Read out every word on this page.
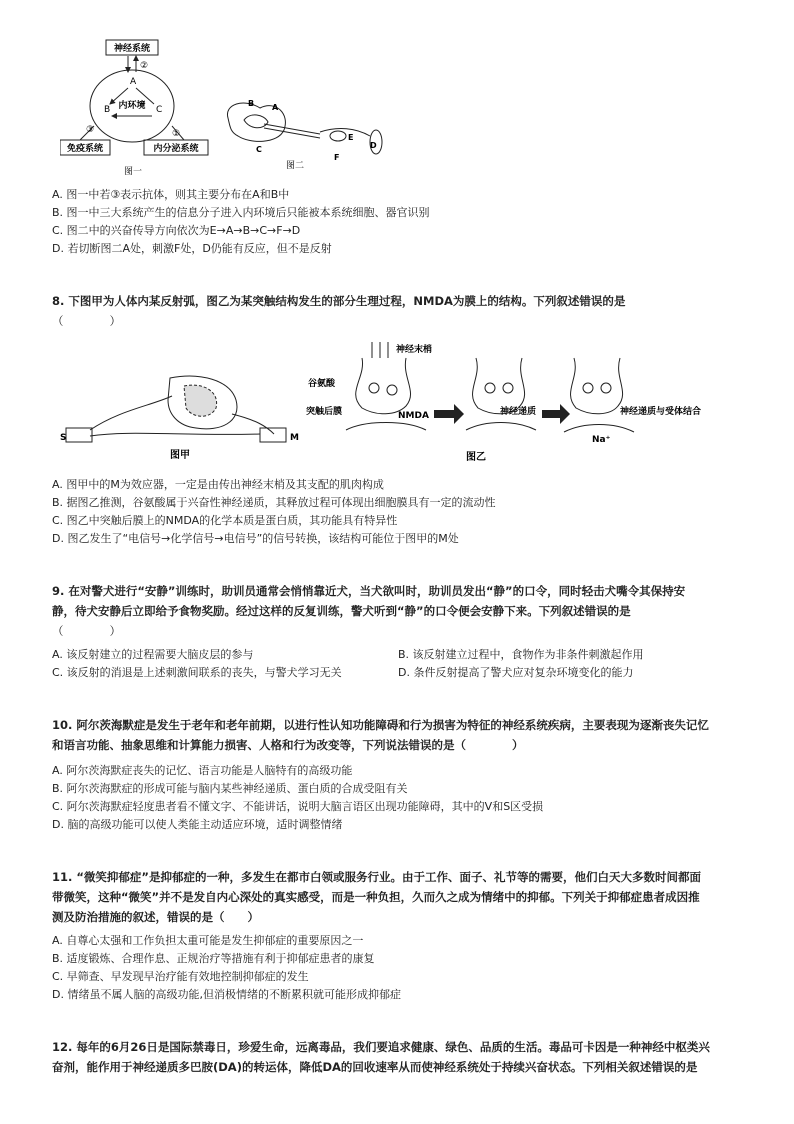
神经系统
②
A
B	C
内环境
免疫系统	内分泌系统
③	①
图一
A
B
C	D
E
F
图二
A. 图一中若③表示抗体，则其主要分布在A和B中
B. 图一中三大系统产生的信息分子进入内环境后只能被本系统细胞、器官识别
C. 图二中的兴奋传导方向依次为E→A→B→C→F→D
D. 若切断图二A处，刺激F处，D仍能有反应，但不是反射
8. 下图甲为人体内某反射弧，图乙为某突触结构发生的部分生理过程，NMDA为膜上的结构。下列叙述错误的是
（　　　　）
S	M
图甲
神经末梢
谷氨酸
突触后膜	NMDA	神经递质	神经递质与受体结合
Na⁺
图乙
A. 图甲中的M为效应器，一定是由传出神经末梢及其支配的肌肉构成
B. 据图乙推测，谷氨酸属于兴奋性神经递质，其释放过程可体现出细胞膜具有一定的流动性
C. 图乙中突触后膜上的NMDA的化学本质是蛋白质，其功能具有特异性
D. 图乙发生了“电信号→化学信号→电信号”的信号转换，该结构可能位于图甲的M处
9. 在对警犬进行“安静”训练时，助训员通常会悄悄靠近犬，当犬欲叫时，助训员发出“静”的口令，同时轻击犬嘴令其保持安
静，待犬安静后立即给予食物奖励。经过这样的反复训练，警犬听到“静”的口令便会安静下来。下列叙述错误的是
（　　　　）
A. 该反射建立的过程需要大脑皮层的参与	B. 该反射建立过程中，食物作为非条件刺激起作用
C. 该反射的消退是上述刺激间联系的丧失，与警犬学习无关	D. 条件反射提高了警犬应对复杂环境变化的能力
10. 阿尔茨海默症是发生于老年和老年前期，以进行性认知功能障碍和行为损害为特征的神经系统疾病，主要表现为逐渐丧失记忆
和语言功能、抽象思维和计算能力损害、人格和行为改变等，下列说法错误的是（　　　　）
A. 阿尔茨海默症丧失的记忆、语言功能是人脑特有的高级功能
B. 阿尔茨海默症的形成可能与脑内某些神经递质、蛋白质的合成受阻有关
C. 阿尔茨海默症轻度患者看不懂文字、不能讲话，说明大脑言语区出现功能障碍，其中的V和S区受损
D. 脑的高级功能可以使人类能主动适应环境，适时调整情绪
11. “微笑抑郁症”是抑郁症的一种，多发生在都市白领或服务行业。由于工作、面子、礼节等的需要，他们白天大多数时间都面
带微笑，这种“微笑”并不是发自内心深处的真实感受，而是一种负担，久而久之成为情绪中的抑郁。下列关于抑郁症患者成因推
测及防治措施的叙述，错误的是（　　）
A. 自尊心太强和工作负担太重可能是发生抑郁症的重要原因之一
B. 适度锻炼、合理作息、正规治疗等措施有利于抑郁症患者的康复
C. 早筛查、早发现早治疗能有效地控制抑郁症的发生
D. 情绪虽不属人脑的高级功能,但消极情绪的不断累积就可能形成抑郁症
12. 每年的6月26日是国际禁毒日，珍爱生命，远离毒品，我们要追求健康、绿色、品质的生活。毒品可卡因是一种神经中枢类兴
奋剂，能作用于神经递质多巴胺(DA)的转运体，降低DA的回收速率从而使神经系统处于持续兴奋状态。下列相关叙述错误的是
